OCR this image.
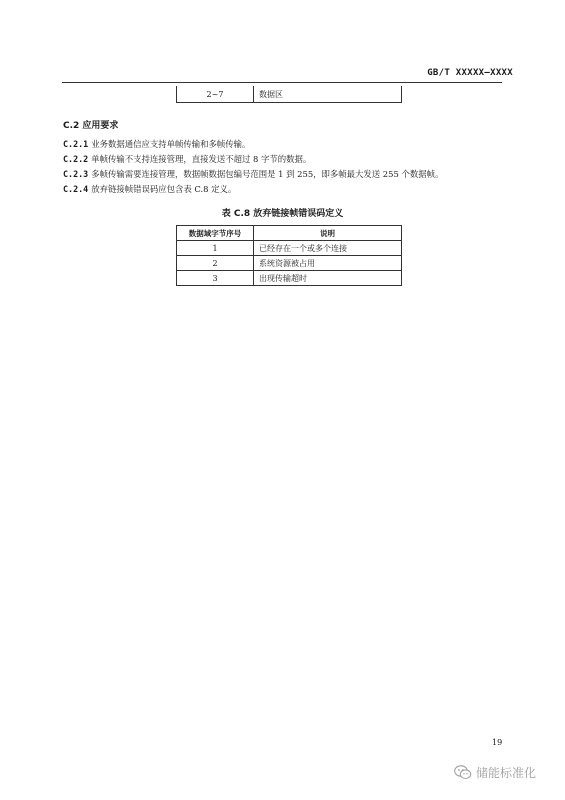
GB/T XXXXX—XXXX
2~7	数据区
C.2 应用要求
C.2.1 业务数据通信应支持单帧传输和多帧传输。
C.2.2 单帧传输不支持连接管理，直接发送不超过 8 字节的数据。
C.2.3 多帧传输需要连接管理，数据帧数据包编号范围是 1 到 255，即多帧最大发送 255 个数据帧。
C.2.4 放弃链接帧错误码应包含表 C.8 定义。
表 C.8 放弃链接帧错误码定义
数据域字节序号	说明
1	已经存在一个或多个连接
2	系统资源被占用
3	出现传输超时
19
储能标准化
